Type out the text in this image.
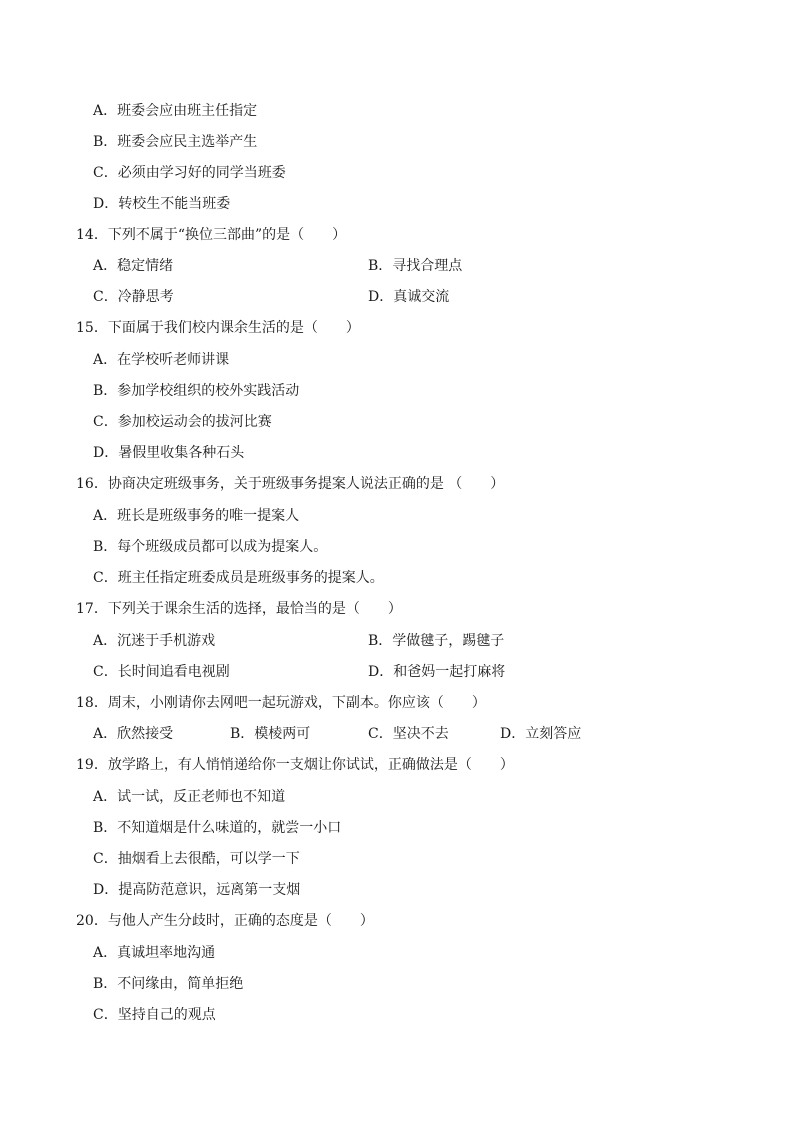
A．班委会应由班主任指定
B．班委会应民主选举产生
C．必须由学习好的同学当班委
D．转校生不能当班委
14．下列不属于“换位三部曲”的是（　　）
A．稳定情绪	B．寻找合理点
C．冷静思考	D．真诚交流
15．下面属于我们校内课余生活的是（　　）
A．在学校听老师讲课
B．参加学校组织的校外实践活动
C．参加校运动会的拔河比赛
D．暑假里收集各种石头
16．协商决定班级事务，关于班级事务提案人说法正确的是 （　　）
A．班长是班级事务的唯一提案人
B．每个班级成员都可以成为提案人。
C．班主任指定班委成员是班级事务的提案人。
17．下列关于课余生活的选择，最恰当的是（　　）
A．沉迷于手机游戏	B．学做毽子，踢毽子
C．长时间追看电视剧	D．和爸妈一起打麻将
18．周末，小刚请你去网吧一起玩游戏，下副本。你应该（　　）
A．欣然接受	B．模棱两可	C．坚决不去	D．立刻答应
19．放学路上，有人悄悄递给你一支烟让你试试，正确做法是（　　）
A．试一试，反正老师也不知道
B．不知道烟是什么味道的，就尝一小口
C．抽烟看上去很酷，可以学一下
D．提高防范意识，远离第一支烟
20．与他人产生分歧时，正确的态度是（　　）
A．真诚坦率地沟通
B．不问缘由，简单拒绝
C．坚持自己的观点
